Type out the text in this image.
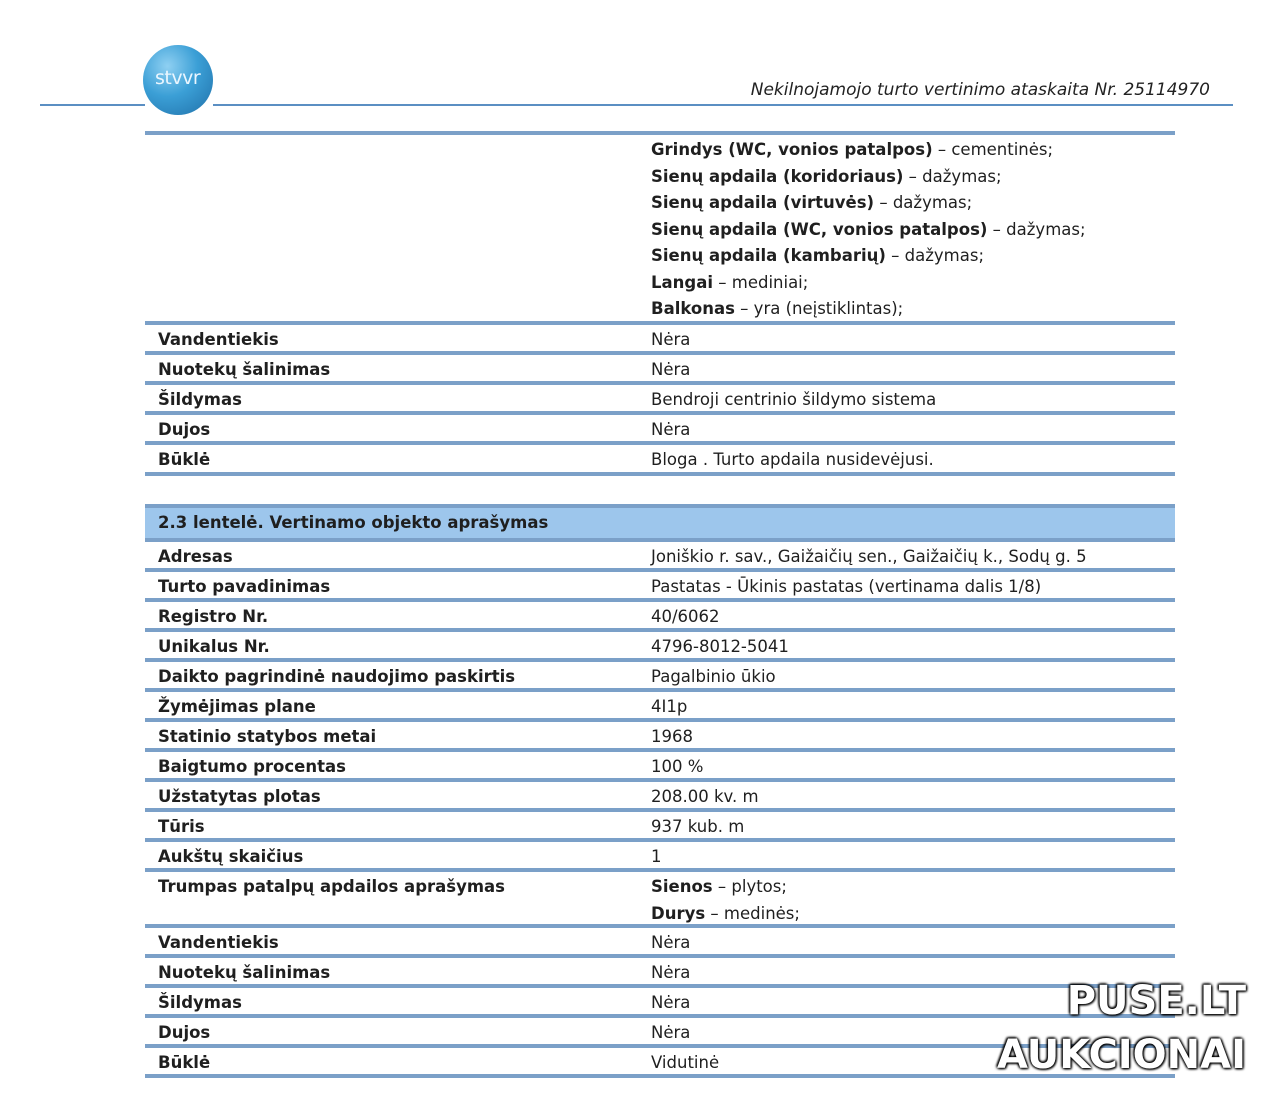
stvvr
Nekilnojamojo turto vertinimo ataskaita Nr. 25114970
Grindys (WC, vonios patalpos) – cementinės;
Sienų apdaila (koridoriaus) – dažymas;
Sienų apdaila (virtuvės) – dažymas;
Sienų apdaila (WC, vonios patalpos) – dažymas;
Sienų apdaila (kambarių) – dažymas;
Langai – mediniai;
Balkonas – yra (neįstiklintas);
Vandentiekis	Nėra
Nuotekų šalinimas	Nėra
Šildymas	Bendroji centrinio šildymo sistema
Dujos	Nėra
Būklė	Bloga . Turto apdaila nusidevėjusi.
2.3 lentelė. Vertinamo objekto aprašymas
Adresas	Joniškio r. sav., Gaižaičių sen., Gaižaičių k., Sodų g. 5
Turto pavadinimas	Pastatas - Ūkinis pastatas (vertinama dalis 1/8)
Registro Nr.	40/6062
Unikalus Nr.	4796-8012-5041
Daikto pagrindinė naudojimo paskirtis	Pagalbinio ūkio
Žymėjimas plane	4I1p
Statinio statybos metai	1968
Baigtumo procentas	100 %
Užstatytas plotas	208.00 kv. m
Tūris	937 kub. m
Aukštų skaičius	1
Trumpas patalpų apdailos aprašymas	Sienos – plytos;
Durys – medinės;
Vandentiekis	Nėra
Nuotekų šalinimas	Nėra
Šildymas	Nėra
Dujos	Nėra
Būklė	Vidutinė
PUSE.LT
AUKCIONAI
